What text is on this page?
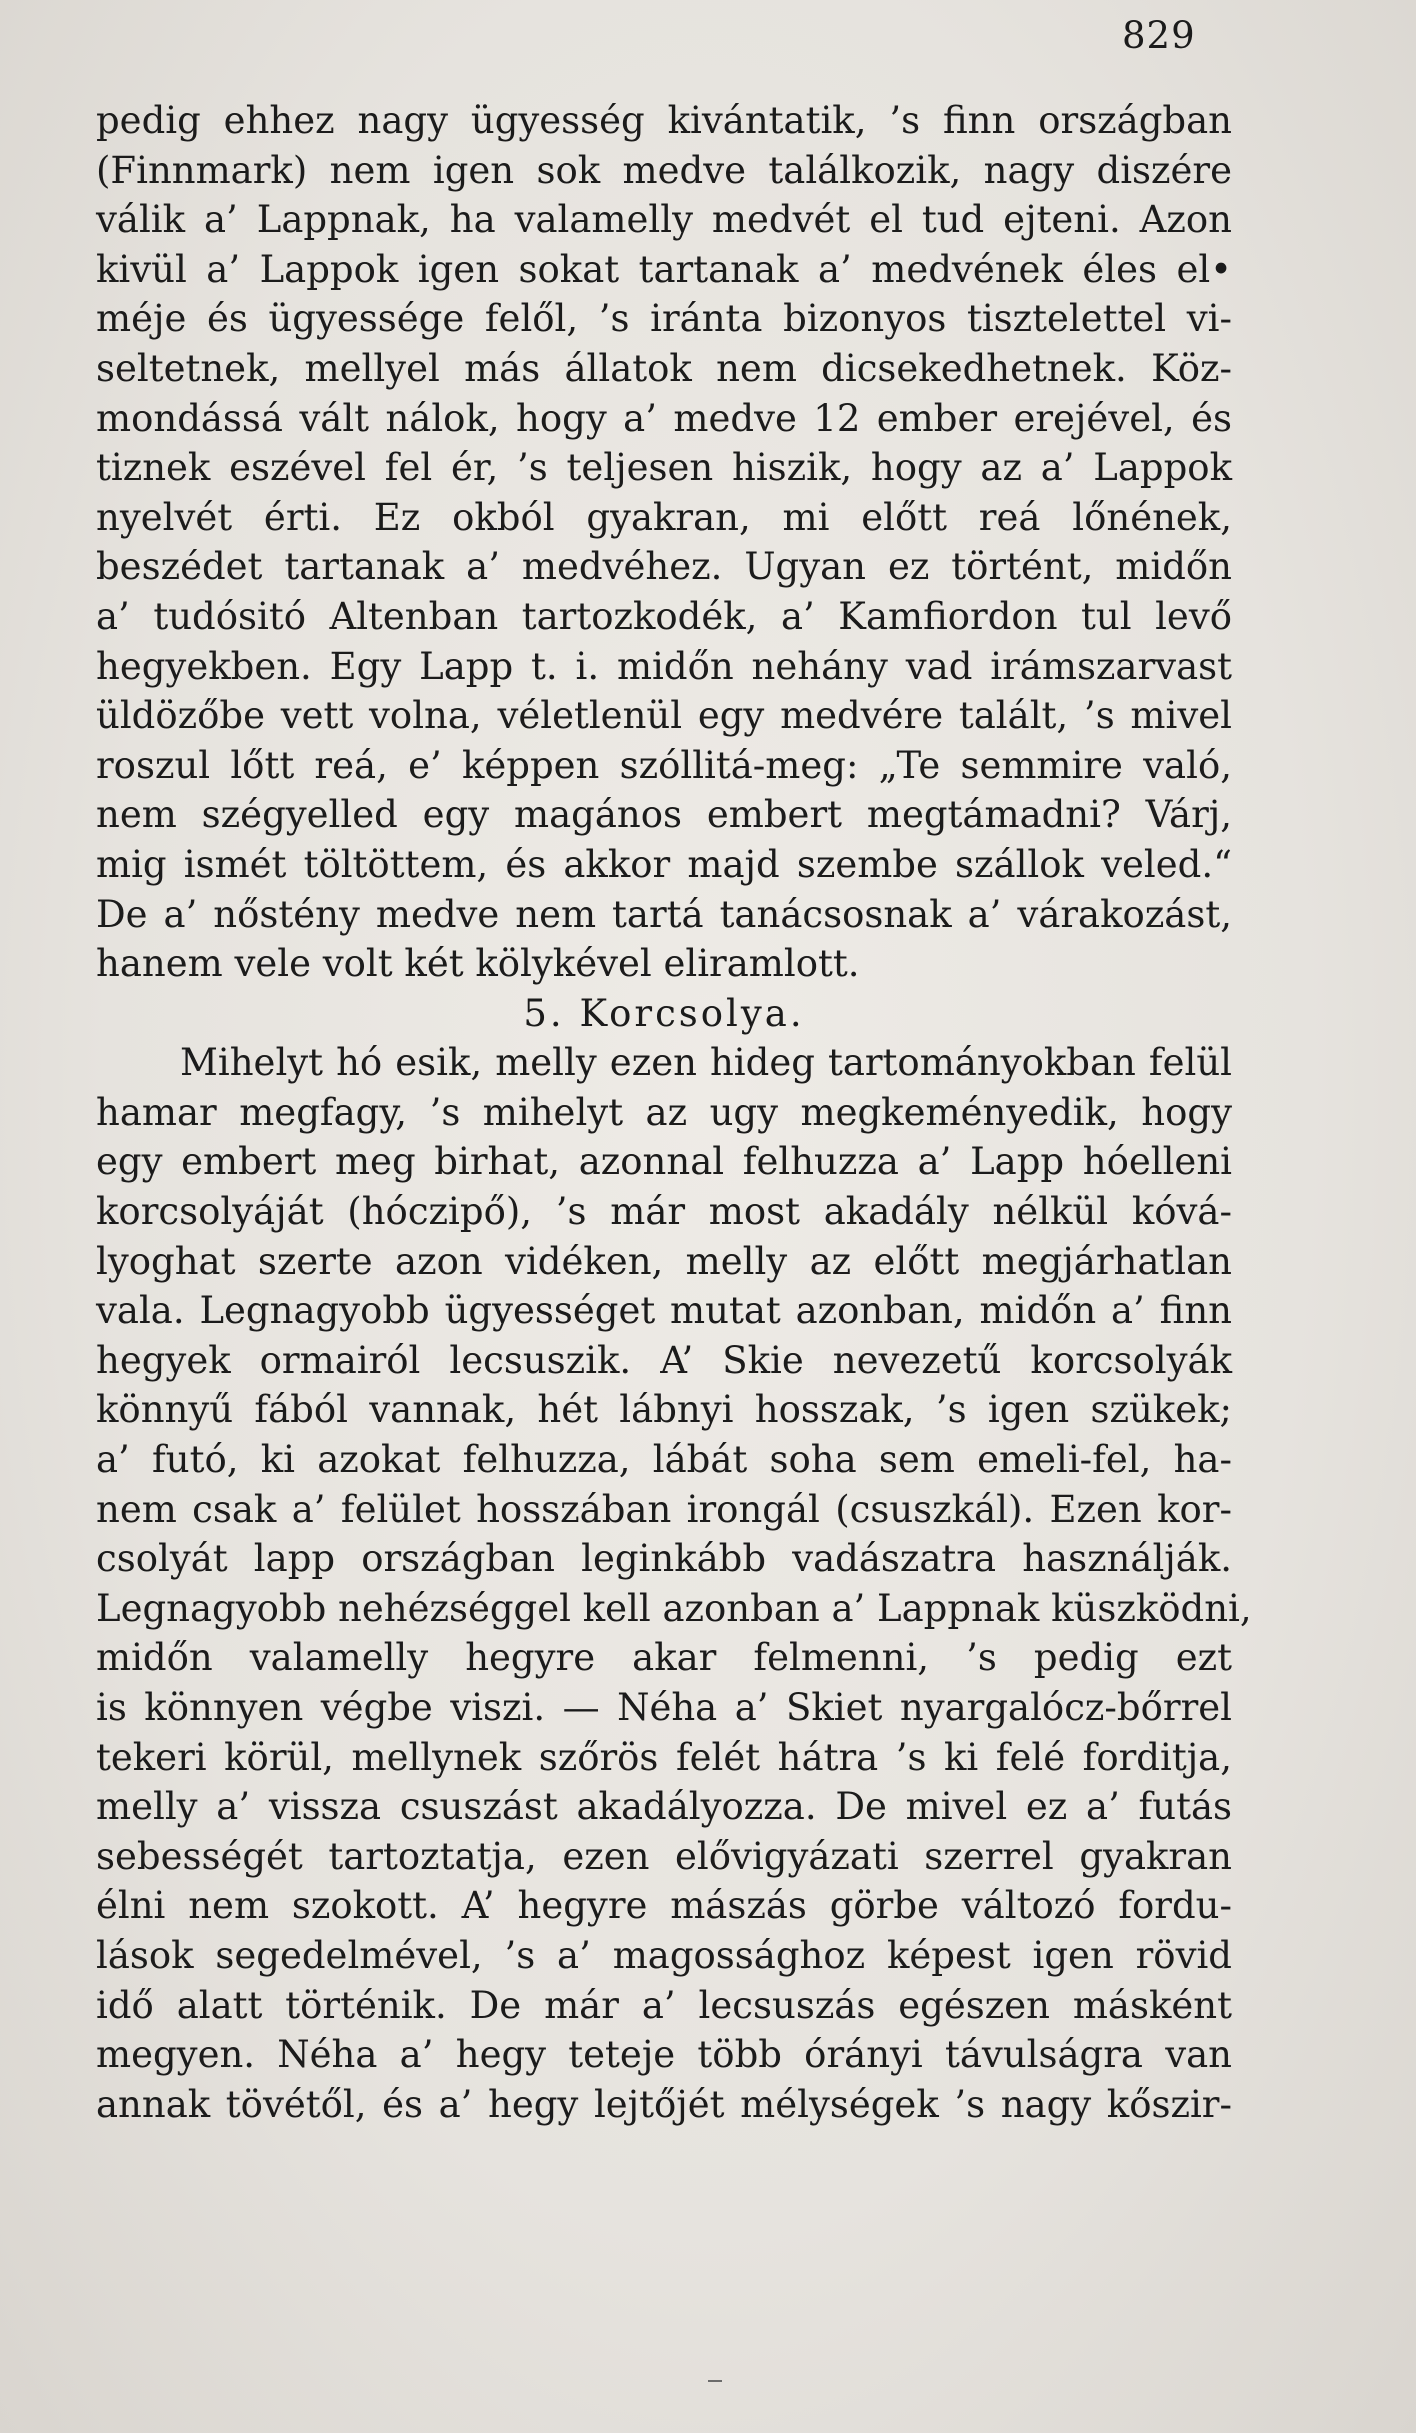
829
pedig ehhez nagy ügyesség kivántatik, ’s finn országban
(Finnmark) nem igen sok medve találkozik, nagy diszére
válik a’ Lappnak, ha valamelly medvét el tud ejteni. Azon
kivül a’ Lappok igen sokat tartanak a’ medvének éles el•
méje és ügyessége felől, ’s iránta bizonyos tisztelettel vi-
seltetnek, mellyel más állatok nem dicsekedhetnek. Köz-
mondássá vált nálok, hogy a’ medve 12 ember erejével, és
tiznek eszével fel ér, ’s teljesen hiszik, hogy az a’ Lappok
nyelvét érti. Ez okból gyakran, mi előtt reá lőnének,
beszédet tartanak a’ medvéhez. Ugyan ez történt, midőn
a’ tudósitó Altenban tartozkodék, a’ Kamfiordon tul levő
hegyekben. Egy Lapp t. i. midőn nehány vad irámszarvast
üldözőbe vett volna, véletlenül egy medvére talált, ’s mivel
roszul lőtt reá, e’ képpen szóllitá-meg: „Te semmire való,
nem szégyelled egy magános embert megtámadni? Várj,
mig ismét töltöttem, és akkor majd szembe szállok veled.“
De a’ nőstény medve nem tartá tanácsosnak a’ várakozást,
hanem vele volt két kölykével eliramlott.
5. Korcsolya.
Mihelyt hó esik, melly ezen hideg tartományokban felül
hamar megfagy, ’s mihelyt az ugy megkeményedik, hogy
egy embert meg birhat, azonnal felhuzza a’ Lapp hóelleni
korcsolyáját (hóczipő), ’s már most akadály nélkül kóvá-
lyoghat szerte azon vidéken, melly az előtt megjárhatlan
vala. Legnagyobb ügyességet mutat azonban, midőn a’ finn
hegyek ormairól lecsuszik. A’ Skie nevezetű korcsolyák
könnyű fából vannak, hét lábnyi hosszak, ’s igen szükek;
a’ futó, ki azokat felhuzza, lábát soha sem emeli-fel, ha-
nem csak a’ felület hosszában irongál (csuszkál). Ezen kor-
csolyát lapp országban leginkább vadászatra használják.
Legnagyobb nehézséggel kell azonban a’ Lappnak küszködni,
midőn valamelly hegyre akar felmenni, ’s pedig ezt
is könnyen végbe viszi. — Néha a’ Skiet nyargalócz-bőrrel
tekeri körül, mellynek szőrös felét hátra ’s ki felé forditja,
melly a’ vissza csuszást akadályozza. De mivel ez a’ futás
sebességét tartoztatja, ezen elővigyázati szerrel gyakran
élni nem szokott. A’ hegyre mászás görbe változó fordu-
lások segedelmével, ’s a’ magossághoz képest igen rövid
idő alatt történik. De már a’ lecsuszás egészen másként
megyen. Néha a’ hegy teteje több órányi távulságra van
annak tövétől, és a’ hegy lejtőjét mélységek ’s nagy kőszir-
